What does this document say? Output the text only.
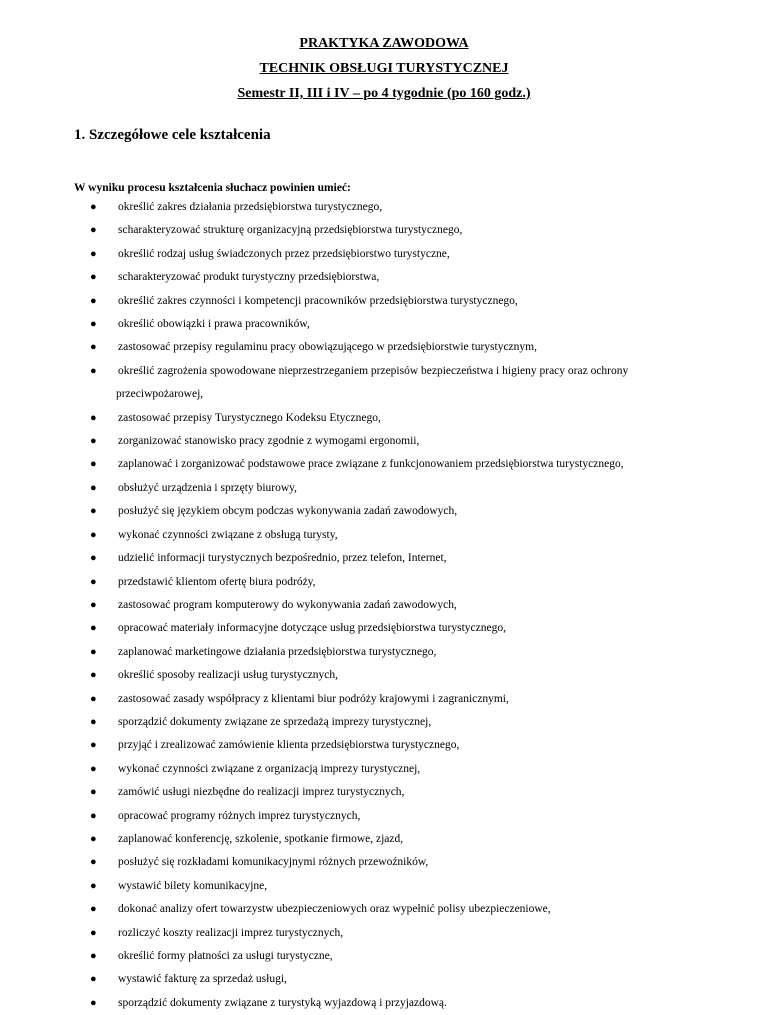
PRAKTYKA ZAWODOWA
TECHNIK OBSŁUGI TURYSTYCZNEJ
Semestr II, III i IV – po 4 tygodnie (po 160 godz.)
1. Szczegółowe cele kształcenia
W wyniku procesu kształcenia słuchacz powinien umieć:
● określić zakres działania przedsiębiorstwa turystycznego,
● scharakteryzować strukturę organizacyjną przedsiębiorstwa turystycznego,
● określić rodzaj usług świadczonych przez przedsiębiorstwo turystyczne,
● scharakteryzować produkt turystyczny przedsiębiorstwa,
● określić zakres czynności i kompetencji pracowników przedsiębiorstwa turystycznego,
● określić obowiązki i prawa pracowników,
● zastosować przepisy regulaminu pracy obowiązującego w przedsiębiorstwie turystycznym,
● określić zagrożenia spowodowane nieprzestrzeganiem przepisów bezpieczeństwa i higieny pracy oraz ochrony
przeciwpożarowej,
● zastosować przepisy Turystycznego Kodeksu Etycznego,
● zorganizować stanowisko pracy zgodnie z wymogami ergonomii,
● zaplanować i zorganizować podstawowe prace związane z funkcjonowaniem przedsiębiorstwa turystycznego,
● obsłużyć urządzenia i sprzęty biurowy,
● posłużyć się językiem obcym podczas wykonywania zadań zawodowych,
● wykonać czynności związane z obsługą turysty,
● udzielić informacji turystycznych bezpośrednio, przez telefon, Internet,
● przedstawić klientom ofertę biura podróży,
● zastosować program komputerowy do wykonywania zadań zawodowych,
● opracować materiały informacyjne dotyczące usług przedsiębiorstwa turystycznego,
● zaplanować marketingowe działania przedsiębiorstwa turystycznego,
● określić sposoby realizacji usług turystycznych,
● zastosować zasady współpracy z klientami biur podróży krajowymi i zagranicznymi,
● sporządzić dokumenty związane ze sprzedażą imprezy turystycznej,
● przyjąć i zrealizować zamówienie klienta przedsiębiorstwa turystycznego,
● wykonać czynności związane z organizacją imprezy turystycznej,
● zamówić usługi niezbędne do realizacji imprez turystycznych,
● opracować programy różnych imprez turystycznych,
● zaplanować konferencję, szkolenie, spotkanie firmowe, zjazd,
● posłużyć się rozkładami komunikacyjnymi różnych przewoźników,
● wystawić bilety komunikacyjne,
● dokonać analizy ofert towarzystw ubezpieczeniowych oraz wypełnić polisy ubezpieczeniowe,
● rozliczyć koszty realizacji imprez turystycznych,
● określić formy płatności za usługi turystyczne,
● wystawić fakturę za sprzedaż usługi,
● sporządzić dokumenty związane z turystyką wyjazdową i przyjazdową.
